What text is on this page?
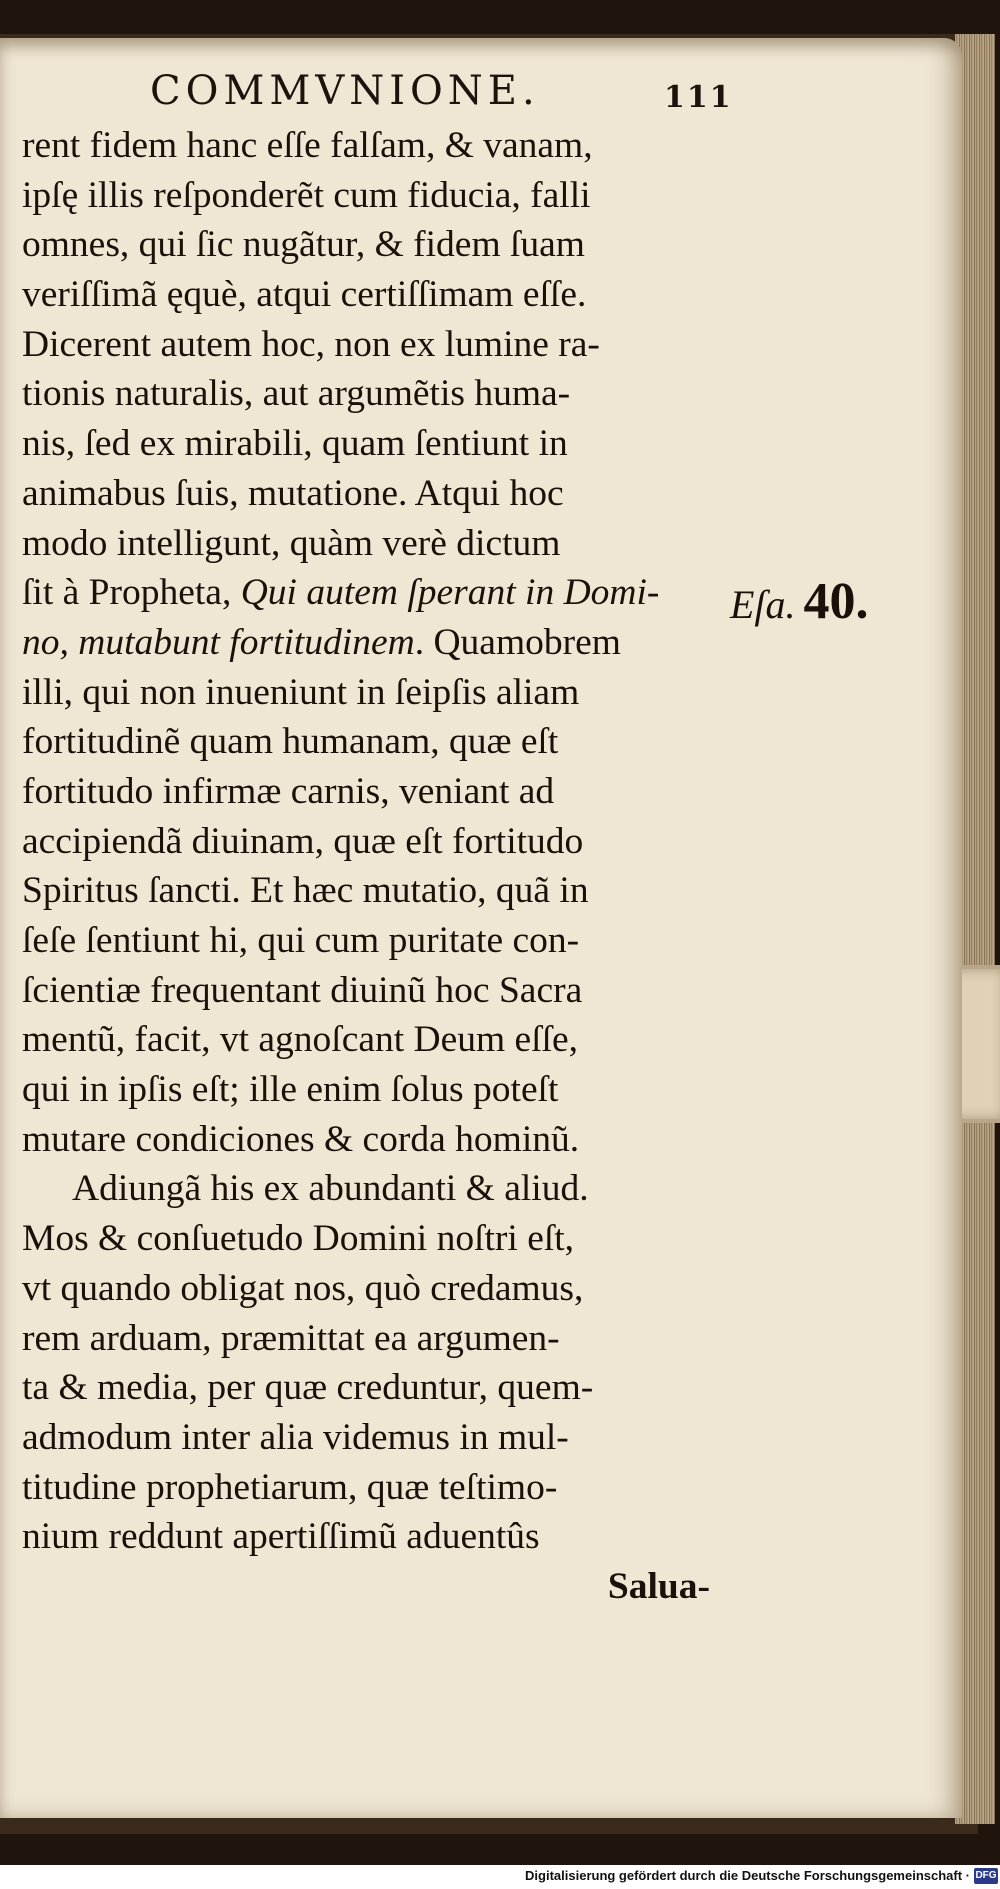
COMMVNIONE.	111
rent fidem hanc eſſe falſam, & vanam,
ipſę illis reſponderẽt cum fiducia, falli
omnes, qui ſic nugãtur, & fidem ſuam
veriſſimã ęquè, atqui certiſſimam eſſe.
Dicerent autem hoc, non ex lumine ra-
tionis naturalis, aut argumẽtis huma-
nis, ſed ex mirabili, quam ſentiunt in
animabus ſuis, mutatione. Atqui hoc
modo intelligunt, quàm verè dictum
ſit à Propheta, Qui autem ſperant in Domi-
no, mutabunt fortitudinem. Quamobrem
illi, qui non inueniunt in ſeipſis aliam
fortitudinẽ quam humanam, quæ eſt
fortitudo infirmæ carnis, veniant ad
accipiendã diuinam, quæ eſt fortitudo
Spiritus ſancti. Et hæc mutatio, quã in
ſeſe ſentiunt hi, qui cum puritate con-
ſcientiæ frequentant diuinũ hoc Sacra
mentũ, facit, vt agnoſcant Deum eſſe,
qui in ipſis eſt; ille enim ſolus poteſt
mutare condiciones & corda hominũ.
Adiungã his ex abundanti & aliud.
Mos & conſuetudo Domini noſtri eſt,
vt quando obligat nos, quò credamus,
rem arduam, præmittat ea argumen-
ta & media, per quæ creduntur, quem-
admodum inter alia videmus in mul-
titudine prophetiarum, quæ teſtimo-
nium reddunt apertiſſimũ aduentûs
Salua-
Eſa. 40.
Digitalisierung gefördert durch die Deutsche Forschungsgemeinschaft · DFG
